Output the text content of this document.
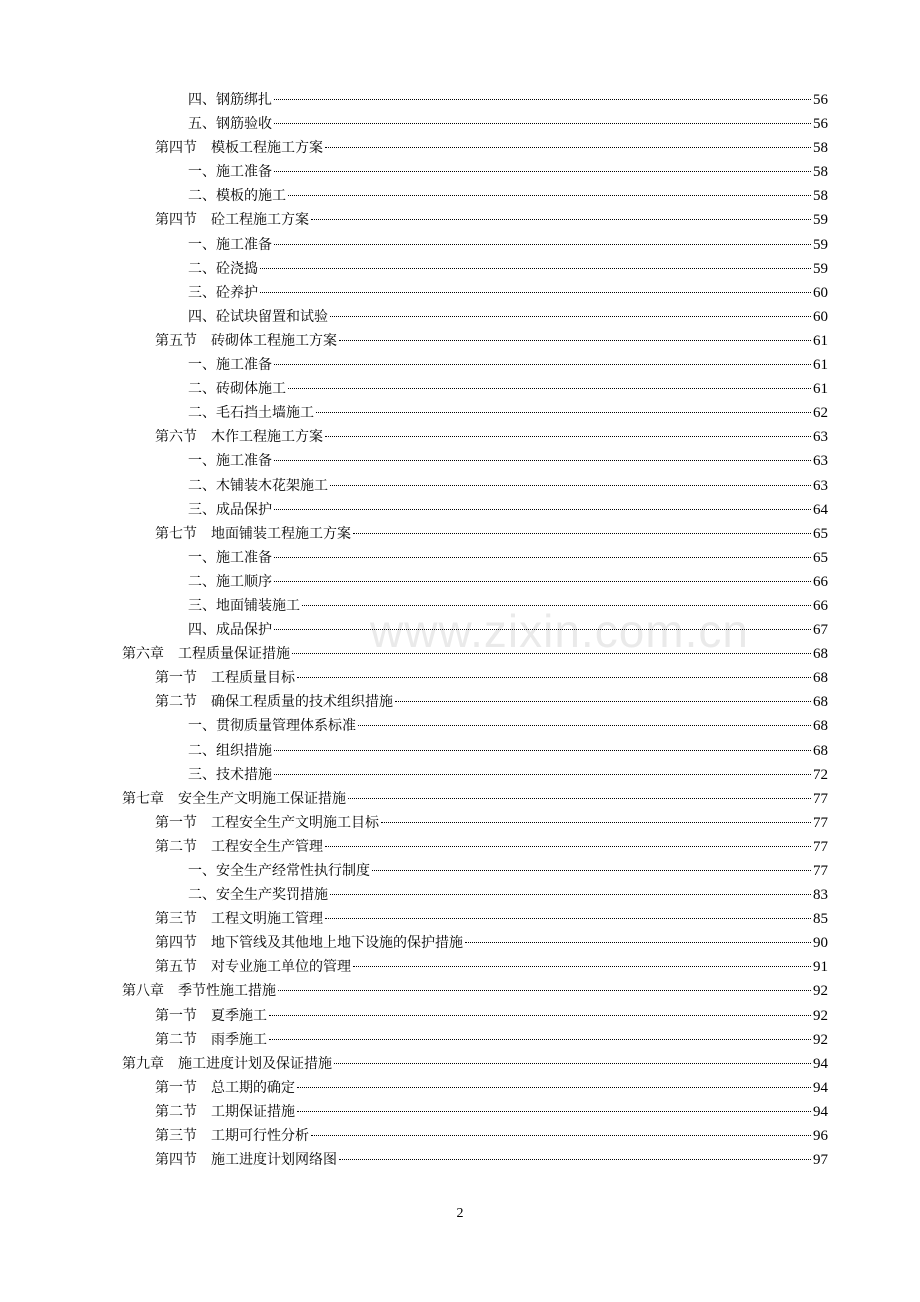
www.zixin.com.cn
四、钢筋绑扎	56
五、钢筋验收	56
第四节　模板工程施工方案	58
一、施工准备	58
二、模板的施工	58
第四节　砼工程施工方案	59
一、施工准备	59
二、砼浇捣	59
三、砼养护	60
四、砼试块留置和试验	60
第五节　砖砌体工程施工方案	61
一、施工准备	61
二、砖砌体施工	61
二、毛石挡土墙施工	62
第六节　木作工程施工方案	63
一、施工准备	63
二、木铺装木花架施工	63
三、成品保护	64
第七节　地面铺装工程施工方案	65
一、施工准备	65
二、施工顺序	66
三、地面铺装施工	66
四、成品保护	67
第六章　工程质量保证措施	68
第一节　工程质量目标	68
第二节　确保工程质量的技术组织措施	68
一、贯彻质量管理体系标准	68
二、组织措施	68
三、技术措施	72
第七章　安全生产文明施工保证措施	77
第一节　工程安全生产文明施工目标	77
第二节　工程安全生产管理	77
一、安全生产经常性执行制度	77
二、安全生产奖罚措施	83
第三节　工程文明施工管理	85
第四节　地下管线及其他地上地下设施的保护措施	90
第五节　对专业施工单位的管理	91
第八章　季节性施工措施	92
第一节　夏季施工	92
第二节　雨季施工	92
第九章　施工进度计划及保证措施	94
第一节　总工期的确定	94
第二节　工期保证措施	94
第三节　工期可行性分析	96
第四节　施工进度计划网络图	97
2
